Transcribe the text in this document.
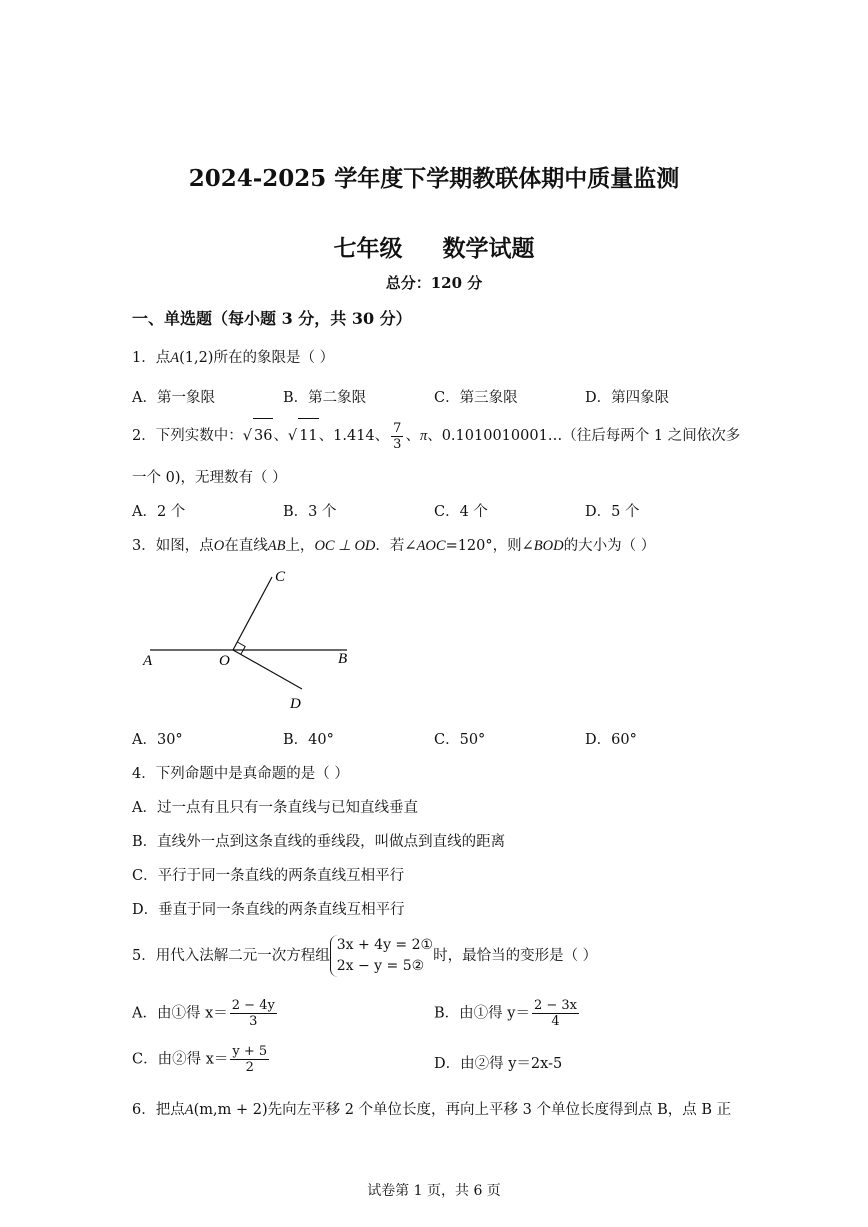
2024-2025 学年度下学期教联体期中质量监测
七年级 数学试题
总分：120 分
一、单选题（每小题 3 分，共 30 分）
1．点A(1,2)所在的象限是（ ）
A．第一象限	B．第二象限	C．第三象限	D．第四象限
2．下列实数中：√ 36、√ 11、1.414、 $\frac{7}{3}$ 、π、0.1010010001…（往后每两个 1 之间依次多
一个 0)，无理数有（ ）
A．2 个	B．3 个	C．4 个	D．5 个
3．如图，点O在直线AB上，OC ⊥ OD．若∠AOC=120°，则∠BOD的大小为（ ）
A	O	B
C
D
A．30°	B．40°	C．50°	D．60°
4．下列命题中是真命题的是（ ）
A．过一点有且只有一条直线与已知直线垂直
B．直线外一点到这条直线的垂线段，叫做点到直线的距离
C．平行于同一条直线的两条直线互相平行
D．垂直于同一条直线的两条直线互相平行
5．用代入法解二元一次方程组
3x + 4y = 2①
2x − y = 5②
时，最恰当的变形是（ ）
A．由①得 $x= \frac{2 - 4y}{3}$	B．由①得 $y= \frac{2 - 3x}{4}$
C．由②得 $x= \frac{y + 5}{2}$	D．由②得 y＝2x-5
6．把点A(m,m + 2)先向左平移 2 个单位长度，再向上平移 3 个单位长度得到点 B，点 B 正
试卷第 1 页，共 6 页
